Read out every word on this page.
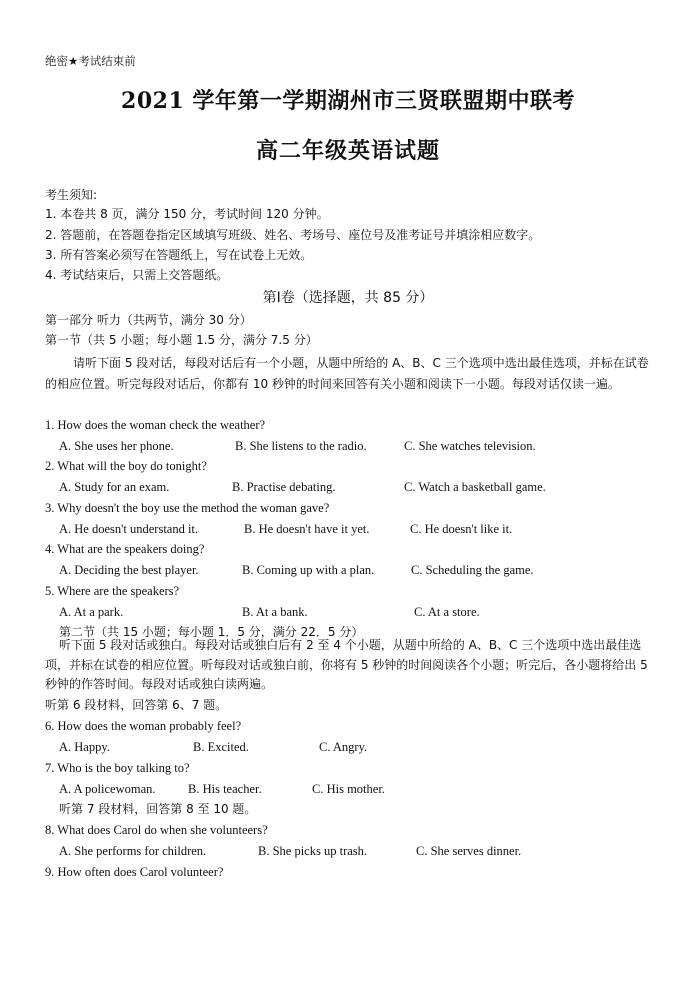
绝密★考试结束前
2021 学年第一学期湖州市三贤联盟期中联考
高二年级英语试题
考生须知:
1. 本卷共 8 页，满分 150 分，考试时间 120 分钟。
2. 答题前，在答题卷指定区域填写班级、姓名、考场号、座位号及准考证号并填涂相应数字。
3. 所有答案必须写在答题纸上，写在试卷上无效。
4. 考试结束后，只需上交答题纸。
第Ⅰ卷（选择题，共 85 分）
第一部分 听力（共两节，满分 30 分）
第一节（共 5 小题；每小题 1.5 分，满分 7.5 分）
请听下面 5 段对话，每段对话后有一个小题，从题中所给的 A、B、C 三个选项中选出最佳选项，并标在试卷的相应位置。听完每段对话后，你都有 10 秒钟的时间来回答有关小题和阅读下一小题。每段对话仅读一遍。
1. How does the woman check the weather?
A. She uses her phone.	B. She listens to the radio.	C. She watches television.
2. What will the boy do tonight?
A. Study for an exam.	B. Practise debating.	C. Watch a basketball game.
3. Why doesn't the boy use the method the woman gave?
A. He doesn't understand it.	B. He doesn't have it yet.	C. He doesn't like it.
4. What are the speakers doing?
A. Deciding the best player.	B. Coming up with a plan.	C. Scheduling the game.
5. Where are the speakers?
A. At a park.	B. At a bank.	C. At a store.
第二节（共 15 小题；每小题 1．5 分，满分 22．5 分）
听下面 5 段对话或独白。每段对话或独白后有 2 至 4 个小题，从题中所给的 A、B、C 三个选项中选出最佳选项，并标在试卷的相应位置。听每段对话或独白前，你将有 5 秒钟的时间阅读各个小题；听完后，各小题将给出 5 秒钟的作答时间。每段对话或独白读两遍。
听第 6 段材料，回答第 6、7 题。
6. How does the woman probably feel?
A. Happy.	B. Excited.	C. Angry.
7. Who is the boy talking to?
A. A policewoman.	B. His teacher.	C. His mother.
听第 7 段材料，回答第 8 至 10 题。
8. What does Carol do when she volunteers?
A. She performs for children.	B. She picks up trash.	C. She serves dinner.
9. How often does Carol volunteer?
